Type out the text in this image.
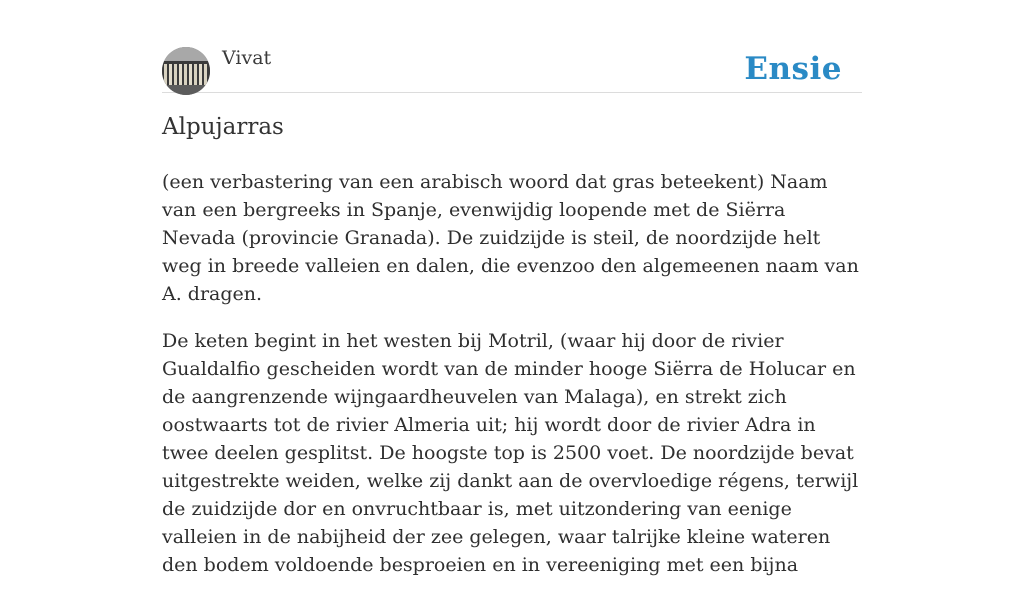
Vivat	Ensie
Alpujarras

(een verbastering van een arabisch woord dat gras beteekent) Naam van een bergreeks in Spanje, evenwijdig loopende met de Siërra Nevada (provincie Granada). De zuidzijde is steil, de noordzijde helt weg in breede valleien en dalen, die evenzoo den algemeenen naam van A. dragen.

De keten begint in het westen bij Motril, (waar hij door de rivier Gualdalfio gescheiden wordt van de minder hooge Siërra de Holucar en de aangrenzende wijngaardheuvelen van Malaga), en strekt zich oostwaarts tot de rivier Almeria uit; hij wordt door de rivier Adra in twee deelen gesplitst. De hoogste top is 2500 voet. De noordzijde bevat uitgestrekte weiden, welke zij dankt aan de overvloedige régens, terwijl de zuidzijde dor en onvruchtbaar is, met uitzondering van eenige valleien in de nabijheid der zee gelegen, waar talrijke kleine wateren den bodem voldoende besproeien en in vereeniging met een bijna
